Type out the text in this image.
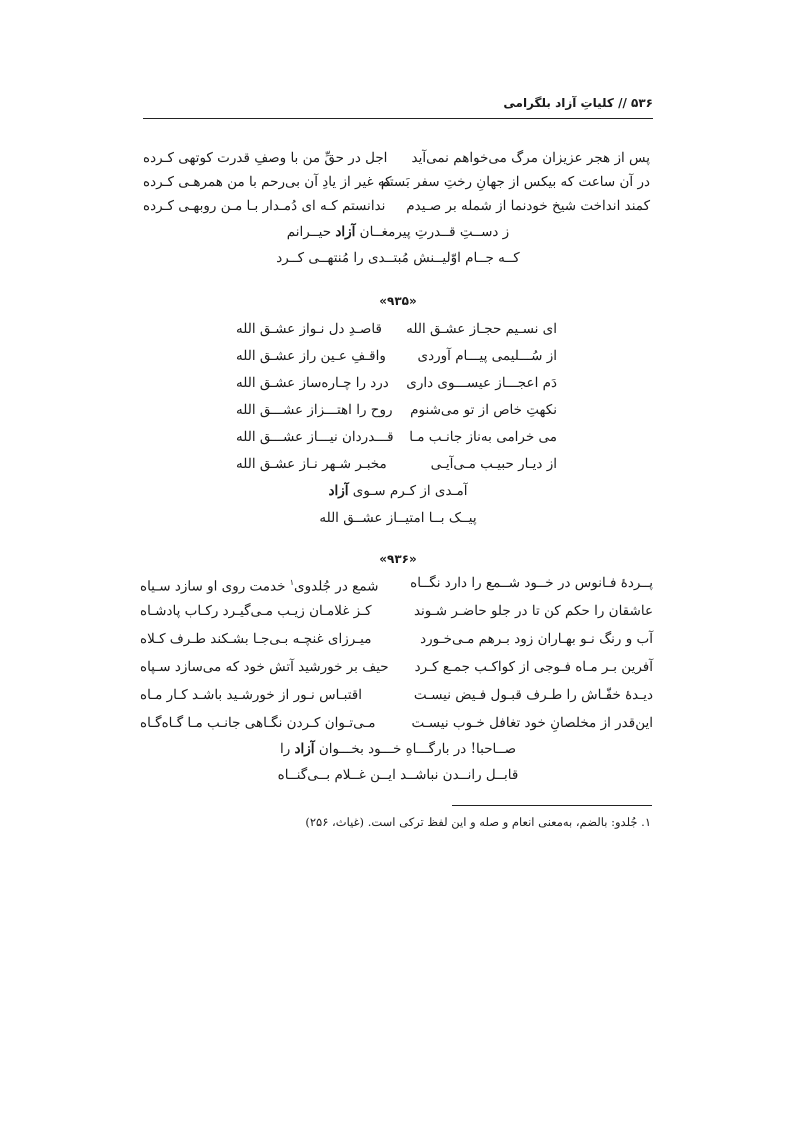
۵۳۶ // کلیاتِ آزاد بلگرامی
پس از هجر عزیزان مرگ می‌خواهم نمی‌آید
اجل در حقِّ من با وصفِ قدرت کوتهی کـرده
در آن ساعت که بیکس از جهانِ رختِ سفر بَستم
که غیر از یادِ آن بی‌رحم با من همرهـی کـرده
کمند انداخت شیخ خودنما از شمله بر صـیدم
ندانستم کـه ای دُمـدار بـا مـن روبهـی کـرده
ز دســتِ قــدرتِ پیرمغــان آزاد حیــرانم
کــه جــام اوّلیــنش مُبتــدی را مُنتهــی کــرد
«۹۳۵»
ای نسـیم حجـاز عشـق الله
قاصـدِ دل نـواز عشـق الله
از سُـــلیمی پیـــام آوردی
واقـفِ عـین راز عشـق الله
دَم اعجـــاز عیســـوی داری
درد را چـاره‌ساز عشـق الله
نکهتِ خاص از تو می‌شنوم
روح را اهتـــزاز عشـــق الله
می خرامی به‌ناز جانـب مـا
قـــدردان نیـــاز عشـــق الله
از دیـار حبیـب مـی‌آیـی
مخبـر شـهر نـاز عشـق الله
آمـدی از کـرم سـوی آزاد
پیــک بــا امتیــاز عشــق الله
«۹۳۶»
پــردهٔ فـانوس در خــود شــمع را دارد نگــاه
شمع در جُلدوی$^۱$ خدمت روی او سازد سـیاه
عاشقان را حکم کن تا در جلو حاضـر شـوند
کـز غلامـان زیـب مـی‌گیـرد رکـاب پادشـاه
آب و رنگ نـو بهـاران زود بـرهم مـی‌خـورد
میـرزای غنچـه بـی‌جـا بشـکند طـرف کـلاه
آفرین بـر مـاه فـوجی از کواکـب جمـع کـرد
حیف بر خورشید آتش خود که می‌سازد سـپاه
دیـدهٔ خفّـاش را طـرف قبـول فـیض نیسـت
اقتبـاس نـور از خورشـید باشـد کـار مـاه
این‌قدر از مخلصانِ خود تغافل خـوب نیسـت
مـی‌تـوان کـردن نگـاهی جانـب مـا گـاه‌گـاه
صــاحبا! در بارگـــاهِ خـــود بخـــوان آزاد را
قابــل رانــدن نباشــد ایــن غــلام بــی‌گنــاه
۱. جُلدو: بالضم، به‌معنی انعام و صله و این لفظ ترکی است. (غیاث، ۲۵۶)
